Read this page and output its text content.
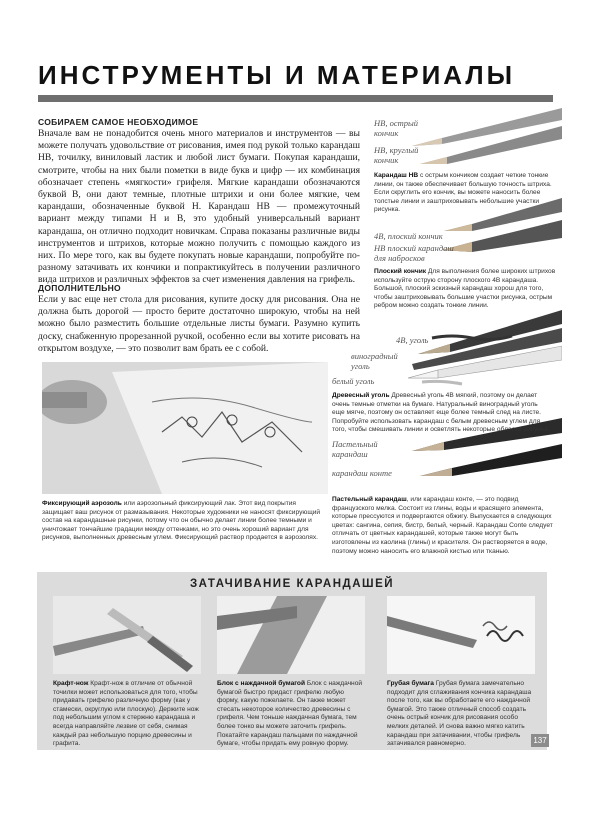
ИНСТРУМЕНТЫ И МАТЕРИАЛЫ
СОБИРАЕМ САМОЕ НЕОБХОДИМОЕ
Вначале вам не понадобится очень много материалов и инструментов — вы можете получать удовольствие от рисования, имея под рукой только карандаш HB, точилку, виниловый ластик и любой лист бумаги. Покупая карандаши, смотрите, чтобы на них были пометки в виде букв и цифр — их комбинация обозначает степень «мягкости» грифеля. Мягкие карандаши обозначаются буквой B, они дают темные, плотные штрихи и они более мягкие, чем карандаши, обозначенные буквой H. Карандаш HB — промежуточный вариант между типами H и B, это удобный универсальный вариант карандаша, он отлично подходит новичкам. Справа показаны различные виды инструментов и штрихов, которые можно получить с помощью каждого из них. По мере того, как вы будете покупать новые карандаши, попробуйте по-разному затачивать их кончики и попрактикуйтесь в получении различного вида штрихов и различных эффектов за счет изменения давления на грифель.
ДОПОЛНИТЕЛЬНО
Если у вас еще нет стола для рисования, купите доску для рисования. Она не должна быть дорогой — просто берите достаточно широкую, чтобы на ней можно было разместить большие отдельные листы бумаги. Разумно купить доску, снабженную прорезанной ручкой, особенно если вы хотите рисовать на открытом воздухе, — это позволит вам брать ее с собой.
HB, острый кончик
HB, круглый кончик
4B, плоский кончик
HB плоский карандаш для набросков
4B, уголь
виноградный уголь
белый уголь
Пастельный карандаш
карандаш конте
Карандаш HB с острым кончиком создает четкие тонкие линии, он также обеспечивает большую точность штриха. Если скруглить его кончик, вы можете наносить более толстые линии и заштриховывать небольшие участки рисунка.
Плоский кончик Для выполнения более широких штрихов используйте острую сторону плоского 4B карандаша. Большой, плоский эскизный карандаш хорош для того, чтобы заштриховывать большие участки рисунка, острым ребром можно создать тонкие линии.
Древесный уголь Древесный уголь 4B мягкий, поэтому он делает очень темные отметки на бумаге. Натуральный виноградный уголь еще мягче, поэтому он оставляет еще более темный след на листе. Попробуйте использовать карандаш с белым древесным углем для того, чтобы смешивать линии и осветлять некоторые области рисунка.
Фиксирующий аэрозоль или аэрозольный фиксирующий лак. Этот вид покрытия защищает ваш рисунок от размазывания. Некоторые художники не наносят фиксирующий состав на карандашные рисунки, потому что он обычно делает линии более темными и уничтожает тончайшие градации между оттенками, но это очень хороший вариант для рисунков, выполненных древесным углем. Фиксирующий раствор продается в аэрозолях.
Пастельный карандаш, или карандаш конте, — это подвид французского мелка. Состоит из глины, воды и красящего элемента, которые прессуются и подвергаются обжигу. Выпускается в следующих цветах: сангина, сепия, бистр, белый, черный. Карандаш Conte следует отличать от цветных карандашей, которые также могут быть изготовлены из каолина (глины) и красителя. Он растворяется в воде, поэтому можно наносить его влажной кистью или тканью.
ЗАТАЧИВАНИЕ КАРАНДАШЕЙ
Крафт-нож Крафт-нож в отличие от обычной точилки может использоваться для того, чтобы придавать грифелю различную форму (как у стамески, округлую или плоскую). Держите нож под небольшим углом к стержню карандаша и всегда направляйте лезвие от себя, снимая каждый раз небольшую порцию древесины и графита.
Блок с наждачной бумагой Блок с наждачной бумагой быстро придаст грифелю любую форму, какую пожелаете. Он также может стесать некоторое количество древесины с грифеля. Чем тоньше наждачная бумага, тем более тонко вы можете заточить грифель. Покатайте карандаш пальцами по наждачной бумаге, чтобы придать ему ровную форму.
Грубая бумага Грубая бумага замечательно подходит для сглаживания кончика карандаша после того, как вы обработаете его наждачной бумагой. Это также отличный способ создать очень острый кончик для рисования особо мелких деталей. И снова важно мягко катить карандаш при затачивании, чтобы грифель затачивался равномерно.	137
